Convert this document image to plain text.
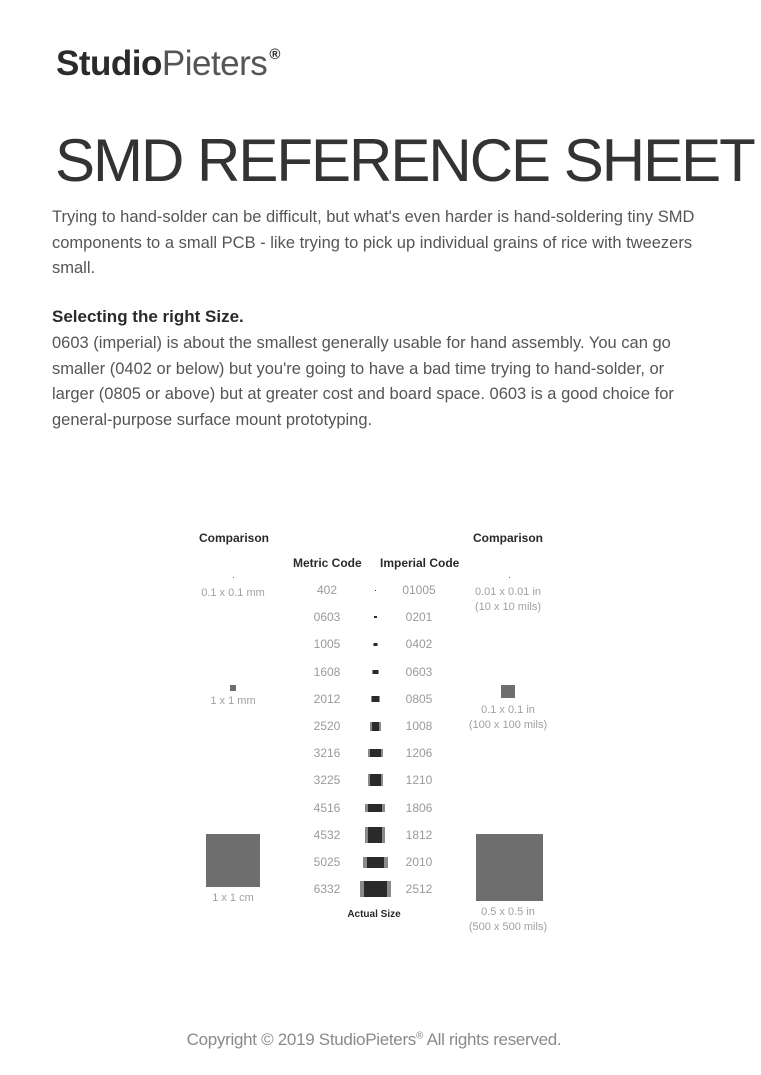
StudioPieters ®
SMD REFERENCE SHEET

Trying to hand-solder can be difficult, but what's even harder is hand-soldering tiny SMD components to a small PCB - like trying to pick up individual grains of rice with tweezers small.

Selecting the right Size.

0603 (imperial) is about the smallest generally usable for hand assembly. You can go smaller (0402 or below) but you're going to have a bad time trying to hand-solder, or larger (0805 or above) but at greater cost and board space. 0603 is a good choice for general-purpose surface mount prototyping.

Comparison	Comparison
Metric Code Imperial Code
0.1 x 0.1 mm
1 x 1 mm
1 x 1 cm
0.01 x 0.01 in
(10 x 10 mils)
0.1 x 0.1 in
(100 x 100 mils)
0.5 x 0.5 in
(500 x 500 mils)
Actual Size
402	01005
0603	0201
1005	0402
1608	0603
2012	0805
2520	1008
3216	1206
3225	1210
4516	1806
4532	1812
5025	2010
6332	2512
Copyright © 2019 StudioPieters® All rights reserved.
